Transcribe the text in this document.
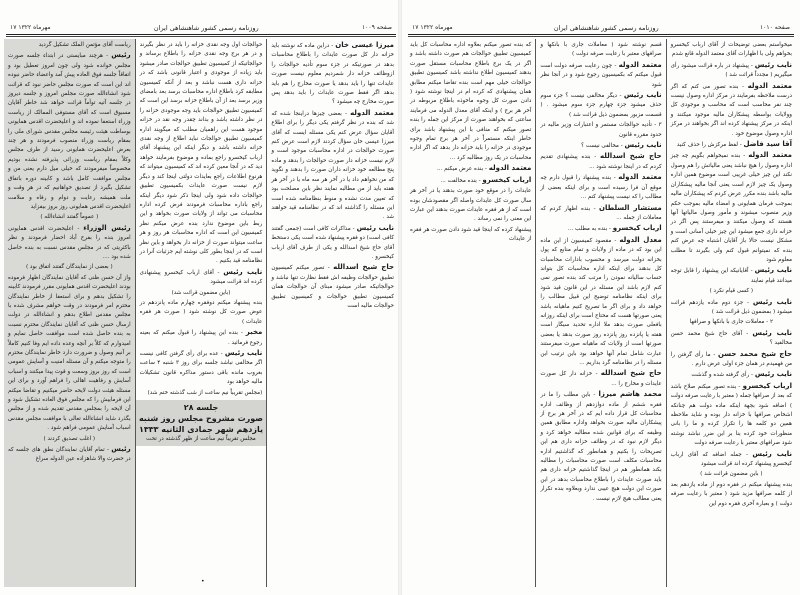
۱۷ مهرماه ۱۳۲۲	روزنامه رسمی کشور شاهنشاهی ایران	صفحه ۱۰۰۹
میرزا عیسی خان - دراین ماده که نوشته باید خزانه دار کل صورت عایدات را باطلاع محاسبات بدهد در صورتیکه در جزء سوم تأدیه حوالجات را ازوظائف خزانه دار شمردیم معلوم نیست صورت عایدات تنها را باید بدهد یا صورت مخارج را هم باید بدهد اگر فقط صورت عایدات را باید بدهد پس صورت مخارج چه میشود ؟
معتمد الدوله - بعضی چیزها دراینجا شده که شد که بنده در نظر گرفتم یکی دیگر را برای اطلاع آقایان سؤال عرض کنم یکی مسئله ایست که آقای میرزا عیسی خان سؤال کردند لازم است عرض کنم صورت حوالجات در اداره محاسبات موجود است و لازم نیست خزانه دار صورت حوالجات را بدهد و ماده پنج مطالعه خود خزانه داران صورت را بدهند و نگوید که من نخواهم داد یا در آخر هر سه ماه یا در آخر هر هفته باید از من مطالبه نمایند نظر باین مصلحت بود که تعیین مدت نشده و منوط بنظامنامه شده است این مسئله را گذاشته اند که در نظامنامه قید خواهند شد .
نایب رئیس - مذاکرات کافی است (جمعی گفتند کافی است) دو فقره پیشنهاد شده است یکی دستخط آقای حاج شیخ اسدالله و یکی از طرف آقای ارباب کیخسرو .
حاج شیخ اسدالله - تصور میکنم کمیسیون تطبیق حوالجات وظیفه اش فقط نظارت تنها نباشد و حوالجاتیکه صادر میشود مبنای آن حوالجات همان کمیسیون تطبیق حوالجات و کمیسیون تطبیق حوالجات مالیه است
حوالجات اول وجه نقدی خزانه را باید در نظر بگیرند و در هر برج وجه نقدی خزانه را باطلاع برساند و حوالجاتیکه از کمیسیون تطبیق حوالجات صادر میشود باید زیاده از موجودی و اعتبار قانونی باشد که در خزانه داری هست نباشد و بعد از آنکه کمیسیون مطابقه کرد باطلاع اداره محاسبات برسد بعد بامضای وزیر برسد بعد از آن باطلاع خزانه برسد این است که کمیسیون تطبیق حوالجات باید وجه موجودی خزانه را در نظر داشته باشد و بداند چقدر وجه نقد در خزانه موجود هست این راهمیان مطلب که میگویند اداره کمیسیون تطبیق حوالجات نباید اطلاع از وجه نقدی خزانه داشته باشد و دیگر اینکه این پیشنهاد آقای ارباب کیخسرو راجع بماده و موضوع بفرمایند خواهد دید که در آنجا معین کرده اند که کمیسیون میتواند که هرنوع اطلاعات راجع بعایدات دولتی اینجا کند و دیگر لازم نیست صورت عایدات بکمیسیون تطبیق حوالجات داده شود ولی اینجا ذکر شود دیگر اینکه راجع باداره محاسبات فرمودند فرض کرده اداره محاسبات می تواند از ولایات صورت بخواهد و این ربط باین موضوع ندارد بنده عرض میکنم نظر کمیسیون این است که اداره محاسبات هر روز و هر ساعت میتواند صورت از خزانه دار بخواهد و باین نظر است که در اینجا بطور کلی نوشته ایم جزئیات آنرا در نظامنامه قید بکنیم .
نایب رئیس - آقای ارباب کیخسرو پیشنهادی کرده اند قرائت میشود
(باین مضمون قرائت شد)
بنده پیشنهاد میکنم دوفقره چهارم ماده پانزدهم در عوض صورت کل نوشته شود ( صورت هر فقره عایدات )
مخبر - بنده این پیشنهاد را قبول میکنم که بعینه رجوع فرمائید .
نایب رئیس - عده برای رأی گرفتن کافی نیست اگر مخالفی نباشد جلسه برای روز ۳ شنبه ۴ ساعت بغروب مانده باقی دستور مذاکره قانون تشکیلات مالیه خواهد بود
(مجلس تقریباً نیم ساعت از شب گذشته ختم شد)
جلسه ۲۸
صورت مشروح مجلس روز شنبه
یازدهم شهر جمادی الثانیه ۱۳۳۳
مجلس تقریباً نیم ساعت از ظهر گذشته در تحت
ریاست آقای مؤتمن الملک تشکیل گردید
رئیس - هرچند مبایستی در ابتداء جلسه صورت مجلس خوانده شود ولی چون امروز تعطیل بود و اتفاقاً جلسه فوق العاده پیش آمد واعضاء حاضر نبوده اند این است که صورت مجلس حاضر نبود که قرائت شود انشاءالله صورت مجلس امروز و جلسه دیروز در جلسه آتیه توأماً قرائت خواهد شد خاطر آقایان مسبوق است که آقای مستوفی الممالک از ریاست وزراء استعفا نموده اند و اعلیحضرت اقدس همایونی بوساطت هیئت رئیسه مجلس مقدس شورای ملی را بمقام ریاست وزراء منصوب فرمودند و هر چند بعرض اعلیحضرت همایونی رسید از طرف مجلس وکلاً بمقام ریاست وزرائی پذیرفته نشده بودیم مخصوصاً میفرمودند که خیلی میل دارم یعنی من و مجلس موافقت کامل باشد و کابینه دوره باتفاق تشکیل بگیرد از تصدیق خواهانیم که در هر وقت و ملت همیشه رعایت و دوام و رفاه و سلامت اعلیحضرت اقدس همایونی روز بروز بیفزاید
( عموماً گفتند انشاءالله )
رئیس الوزراء - اعلیحضرت اقدس همایونی امروز بنده را بفرح آباد احضار فرمودند و نظر باکثریتی که در مجلس مقدس نسبت به بنده حاصل شده بود ....
( بعضی از نمایندگان گفتند اتفاق بود )
واز آن حسن ظنی که آقایان نمایندگان اظهار فرموده بودند اعلیحضرت اقدس همایونی مقرر فرمودند کابینه را تشکیل بدهم و برای استعفا از خاطر نمایندگان محترم امر فرمودند در وقت خواهم مشرف شده با مجلس مقدس اطلاع بدهم و انشاءالله در دولت ارسال حسن ظنی که آقایان نمایندگان محترم نسبت به بنده حاصل شده است موافقت حاصل نمایم و امیدوارم که کلاً بر آنچه وعده داده ایم وفا کنیم کاملاً بر آنیم وصول و ضرورت دارد خاطر نمایندگان محترم را متوجه میکنم و آن مسئله امنیت و آسایش عمومی است که روز بروز وسعت و قوت پیدا میکنند و اسباب آسایش و رفاهیت اهالی را فراهم آورد و برای این مسئله هیئت دولت لایحه حاضر میکنیم و تقاضا میکنم این فرماییش را که مجلس فوق العاده تشکیل شود و آن لایحه را بمجلس مقدس تقدیم شده و از مجلس بگذرد شاید انشاءالله تعالی با موافقت مجلس مقدس اسباب آسایش عمومی فراهم شود .
( اغلب تصدیق کردند )
رئیس - تمام آقایان نمایندگان نطق های جلسه که در حضرت والا شاهزاده عین الدوله سراغ
۱۷ مهرماه ۱۳۲۲	روزنامه رسمی کشور شاهنشاهی ایران	صفحه ۱۰۱۰
میخواستم بعضی توضیحات از آقای ارباب کیخسرو بخواهم ولی با اظهارات آقای معتمد الدوله قانع شدم
نایب رئیس - پیشنهاد در باره قرائت میشود رأی میگیریم ( مجدداً قرائت شد )
معتمد الدوله - بنده تصور می کنم که اگر درست ملاحظه بفرمایند در مرکز اداره وصول نیست چند نفر محاسب است که محاسب و موجودی کل وولایات بواسطه پیشکاران مالیه موجود میکنند و اینکه در مرکز پیشنهاد کرده اند اگر بخواهند در مرکز اداره وصول موضوع خود .
آقا سید فاضل - لفظ مرکزش را حذف کنید
معتمد الدوله - بنده نمیخواهم بگویم چه چیز اداره وصول را هیچ نباشد یعنی مالیاتش را هم وصول نکند این چیز خیلی غریبی است موضوع همین اداره وصول یک چیز لازم است یعنی آنجا مالیه پیشکاران مالیه باشد بنده مکرر عرض کردم که پیشکاران مالیه بموجب فرمان همایونی و امضاء مالیه بموجب حکم وزیر منصوب میشوند و مأمور وصول مالیاتها آنها هستند که وصول میکنند و میفرستند پس اگر در خزانه داری جمع میشود این چیز خیلی آسانی است و مشکل نیست حالا باز آقایان اشتباه چه عرض کنم بنده که نمیتوانم قبول کنم ولی بگیرند تا مطلب معلوم شود
نایب رئیس - آقایانیکه این پیشنهاد را قابل توجه میدانند قیام نمایند
( کسی قیام نکرد )
نایب رئیس - جزء دوم ماده یازدهم قرائت میشود ( بمضمون ذیل قرائت شد )
۲ - معاملات جاری با بانکها و صرافها
نایب رئیس - آقای حاج شیخ محمد حسن مخالفید ؟
حاج شیخ محمد حسن - ما رأی گرفتن را من فهمیدم در همان جزء اولی عرض دارم .
نایب رئیس - رأی گرفته شده و گذشت
ارباب کیخسرو - بنده تصور میکنم صلاح باشد که بعد از صرافها جمله ( معتبر با رعایت صرفه دولت ) اضافه شود بجهة اینکه ماده دولت هم چنانکه اشخاص صرافها با خزانه دار بوده و شاید ملاحظه همین دو کلمه ها را تکرار کرده و ما را بانی منظورات خود کرده بنا بر این ضرر نباشد نوشته شود صرافهای معتبر با رعایت صرفه دولت
نایب رئیس - جمله اضافه که آقای ارباب کیخسرو پیشنهاد کرده اند قرائت میشود
( باین مضمون قرائت شد )
بنده پیشنهاد میکنم در فقره دوم از ماده یازدهم بعد از کلمه صرافها مزید شود ( معتبر با رعایت صرفه دولت ) و بعبارة آخری فقره دوم این
قسم نوشته شود ( معاملات جاری با بانکها و صرافهای معتبر با رعایت صرفه دولت )
معتمد الدوله - چون رعایت صرفه دولت است قبول میکنم که بکمیسیون رجوع شود و در آنجا نظر شود
نایب رئیس - دیگر مخالفی نیست ؟ جزء سوم حذف میشود جزء چهارم جزء سوم میشود . ( قسمت مزبور بمضمون ذیل قرائت شد )
۳ - تأدیه حوالجات مستمر و اعتبارات وزیر مالیه در حدود مقرره قانون
نایب رئیس - مخالفی نیست ؟
حاج شیخ اسدالله - بنده پیشنهادی تقدیم کردم که در اینجا نوشته شود ...
معتمد الدوله - بنده پیشنهاد را قبول دارم چه موقع آن فرا رسیده است و برای اینکه بعضی از مطالب را که نیست پیشنهاد کنم ...
مستشار السلطان - بنده اظهار کردم که معاملات از جمله ...
ارباب کیخسرو - بنده به مطلب ...
معدل الدوله - مقصود کمیسیون از این ماده این بود که در ماده از ولایات و تمام منابع که پول بخزانه دولت میرسد و محسوب بادارات محاسبات کل بدهند برای اینکه اداره محاسبات کل بتواند حساب سالیانه نمودن را مرتب کند بنده تصور نمی کنم لازم باشد این مسئله در این قانون قید شود برای اینکه نظامنامه توضیح این قبیل مطالب را خواهد داد و برای اگر ما تصریح کنیم ماهیانه باشد یعنی صورتها هست که محتاج است برای اینکه روزانه بافعلی صورت بدهد ملا اداره تحدید سیگار است هفته یا پانزده روز پانزده روز صورت بدهد یا بعضی صورتها است از ولایات که ماهیانه صورت میفرستند عبارت شامل تمام آنها خواهد بود باین ترتیب این مسئله را در نظامنامه گرد بداریم ...
حاج شیخ اسدالله - خزانه دار کل صورت عایدات و مخارج را ...
محمد هاشم میرزا - باین مطلب را ما در فقره ششم از ماده دوازدهم از وظائف اداره محاسبات کل قرار داده ایم که در آخر هر برج از پیشکاران مالیه صورت بخواهد واداره مطابق همین وظیفه که برای قوانین شده مطالبه خواهد کرد و دیگر لازم نبود که در وظائف خزانه داری هم این تصریحات را بکنیم و همانطور که گذاشتیم اداره محاسبات مکلف است صورت محاسبات را مطالبه بکند همانطور هم در اینجا گذاشتیم خزانه داری هم باید صورت عایدات را باطلاع محاسبات بدهد در این صورت این دولت هیچ عیبی ندارد وبعلاوه بنده تکرار یعنی مطالب هیچ لازم نیست .
که بنده تصور میکنم بعلاوه اداره محاسبات کل باید کمیسیون تطبیق حوالجات هم صورت داشته باشد و اگر در یک برج باطلاع محاسبات مستقل صورت بدهند کمیسیون اطلاع نداشته باشد کمیسیون تطبیق حوالجات خیلی مهم است بنده تقاضا میکنم مطابق همان پیشنهادی که کرده ام در اینجا نوشته شود ( دادن صورت کل وجوه ماخوذه باطلاع مربوطه در آخر هر برج ) و اینکه آقای معدل الدوله می فرمایند ساعتی که بخواهند صورت از مرکز این جمله را بنده تصور میکنم که منافی با این پیشنهاد باشد برای خاطر اینکه مستمراً در آخر هر برج تمام وجوه موجودی در خزانه را باید خزانه دار بدهد که اگر اداره محاسبات در یک روز مطالبه کرد ...
معتمد الدوله - بنده عرض میکنم ...
ارباب کیخسرو - بنده مخالفت ...
عایدات را در موقع خود صورت بدهند یا در آخر هر سال صورت کل عایدات واصله اگر مقصودشان بوده است که از هر فقره عایدات صورت بدهند این عبارت این معنی را نمی رساند .
پیشنهاد کرده که اینجا قید شود دادن صورت هر فقره از عایدات
•
